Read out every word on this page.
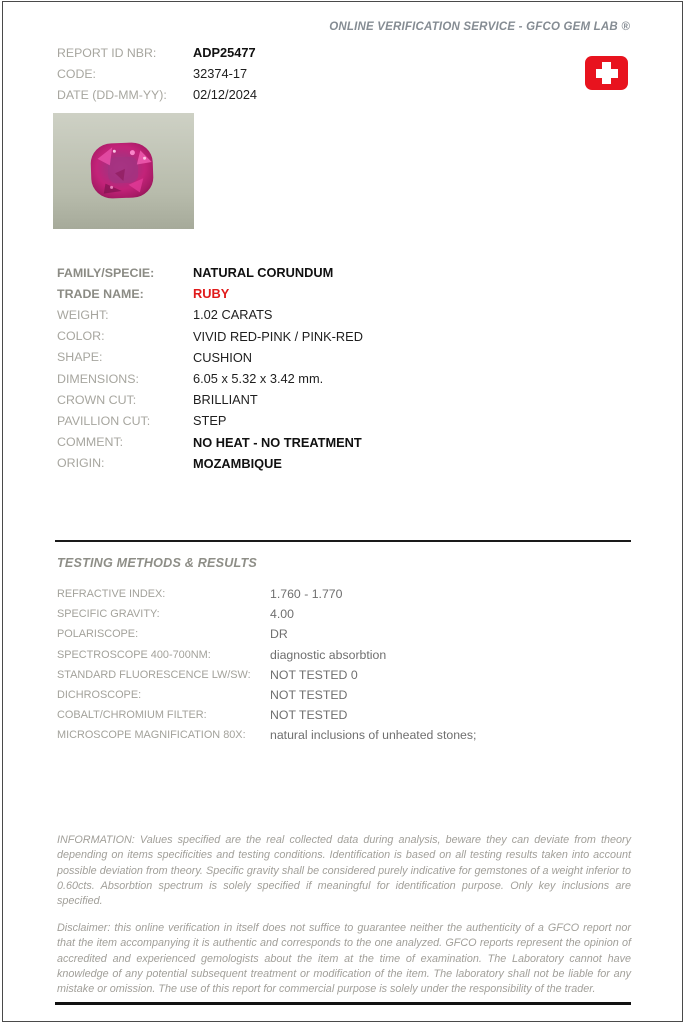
ONLINE VERIFICATION SERVICE - GFCO GEM LAB ®
REPORT ID NBR:	ADP25477
CODE:	32374-17
DATE (DD-MM-YY):	02/12/2024
FAMILY/SPECIE:	NATURAL CORUNDUM
TRADE NAME:	RUBY
WEIGHT:	1.02 CARATS
COLOR:	VIVID RED-PINK / PINK-RED
SHAPE:	CUSHION
DIMENSIONS:	6.05 x 5.32 x 3.42 mm.
CROWN CUT:	BRILLIANT
PAVILLION CUT:	STEP
COMMENT:	NO HEAT - NO TREATMENT
ORIGIN:	MOZAMBIQUE
TESTING METHODS & RESULTS
REFRACTIVE INDEX:	1.760 - 1.770
SPECIFIC GRAVITY:	4.00
POLARISCOPE:	DR
SPECTROSCOPE 400-700NM:	diagnostic absorbtion
STANDARD FLUORESCENCE LW/SW:	NOT TESTED 0
DICHROSCOPE:	NOT TESTED
COBALT/CHROMIUM FILTER:	NOT TESTED
MICROSCOPE MAGNIFICATION 80X:	natural inclusions of unheated stones;
INFORMATION: Values specified are the real collected data during analysis, beware they can deviate from theory depending on items specificities and testing conditions. Identification is based on all testing results taken into account possible deviation from theory. Specific gravity shall be considered purely indicative for gemstones of a weight inferior to 0.60cts. Absorbtion spectrum is solely specified if meaningful for identification purpose. Only key inclusions are specified.
Disclaimer: this online verification in itself does not suffice to guarantee neither the authenticity of a GFCO report nor that the item accompanying it is authentic and corresponds to the one analyzed. GFCO reports represent the opinion of accredited and experienced gemologists about the item at the time of examination. The Laboratory cannot have knowledge of any potential subsequent treatment or modification of the item. The laboratory shall not be liable for any mistake or omission. The use of this report for commercial purpose is solely under the responsibility of the trader.
